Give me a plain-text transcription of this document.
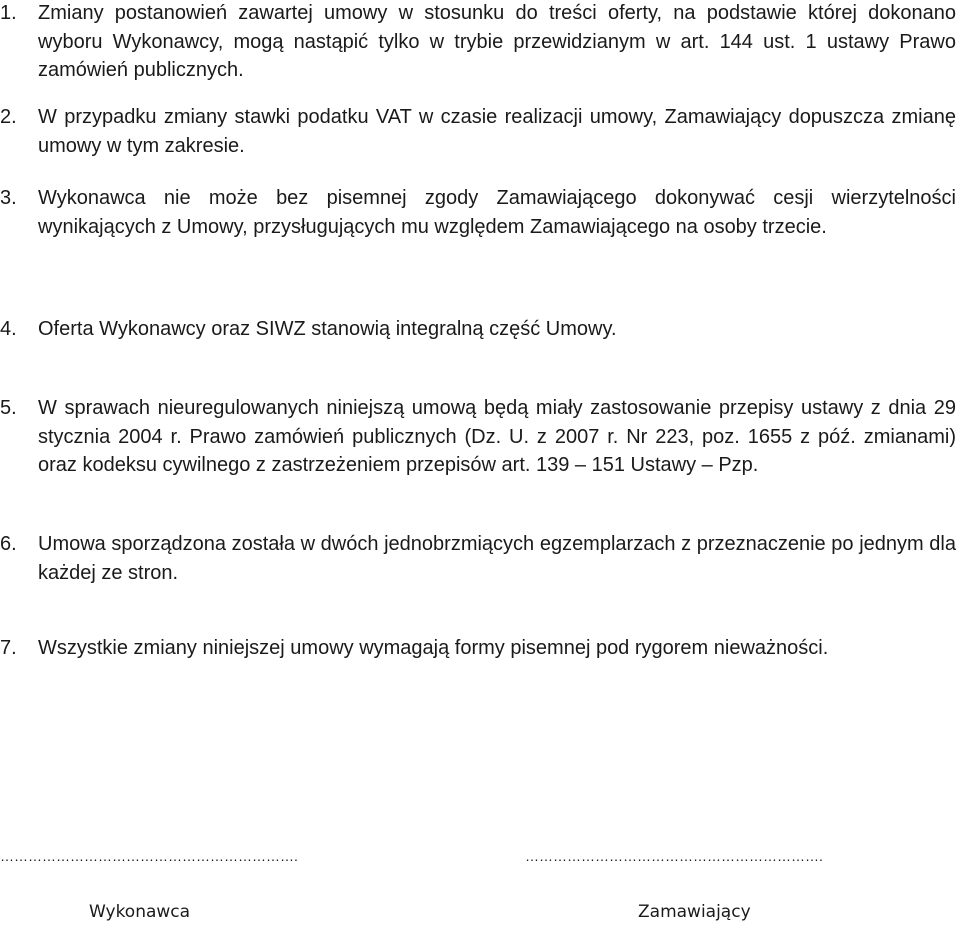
1. Zmiany postanowień zawartej umowy w stosunku do treści oferty, na podstawie której dokonano wyboru Wykonawcy, mogą nastąpić tylko w trybie przewidzianym w art. 144 ust. 1 ustawy Prawo zamówień publicznych.
2. W przypadku zmiany stawki podatku VAT w czasie realizacji umowy, Zamawiający dopuszcza zmianę umowy w tym zakresie.
3. Wykonawca nie może bez pisemnej zgody Zamawiającego dokonywać cesji wierzytelności wynikających z Umowy, przysługujących mu względem Zamawiającego na osoby trzecie.
4. Oferta Wykonawcy oraz SIWZ stanowią integralną część Umowy.
5. W sprawach nieuregulowanych niniejszą umową będą miały zastosowanie przepisy ustawy z dnia 29 stycznia 2004 r. Prawo zamówień publicznych (Dz. U. z 2007 r. Nr 223, poz. 1655 z póź. zmianami) oraz kodeksu cywilnego z zastrzeżeniem przepisów art. 139 – 151 Ustawy – Pzp.
6. Umowa sporządzona została w dwóch jednobrzmiących egzemplarzach z przeznaczenie po jednym dla każdej ze stron.
7. Wszystkie zmiany niniejszej umowy wymagają formy pisemnej pod rygorem nieważności.
……………………………………………………….	……………………………………………………….
Wykonawca	Zamawiający
